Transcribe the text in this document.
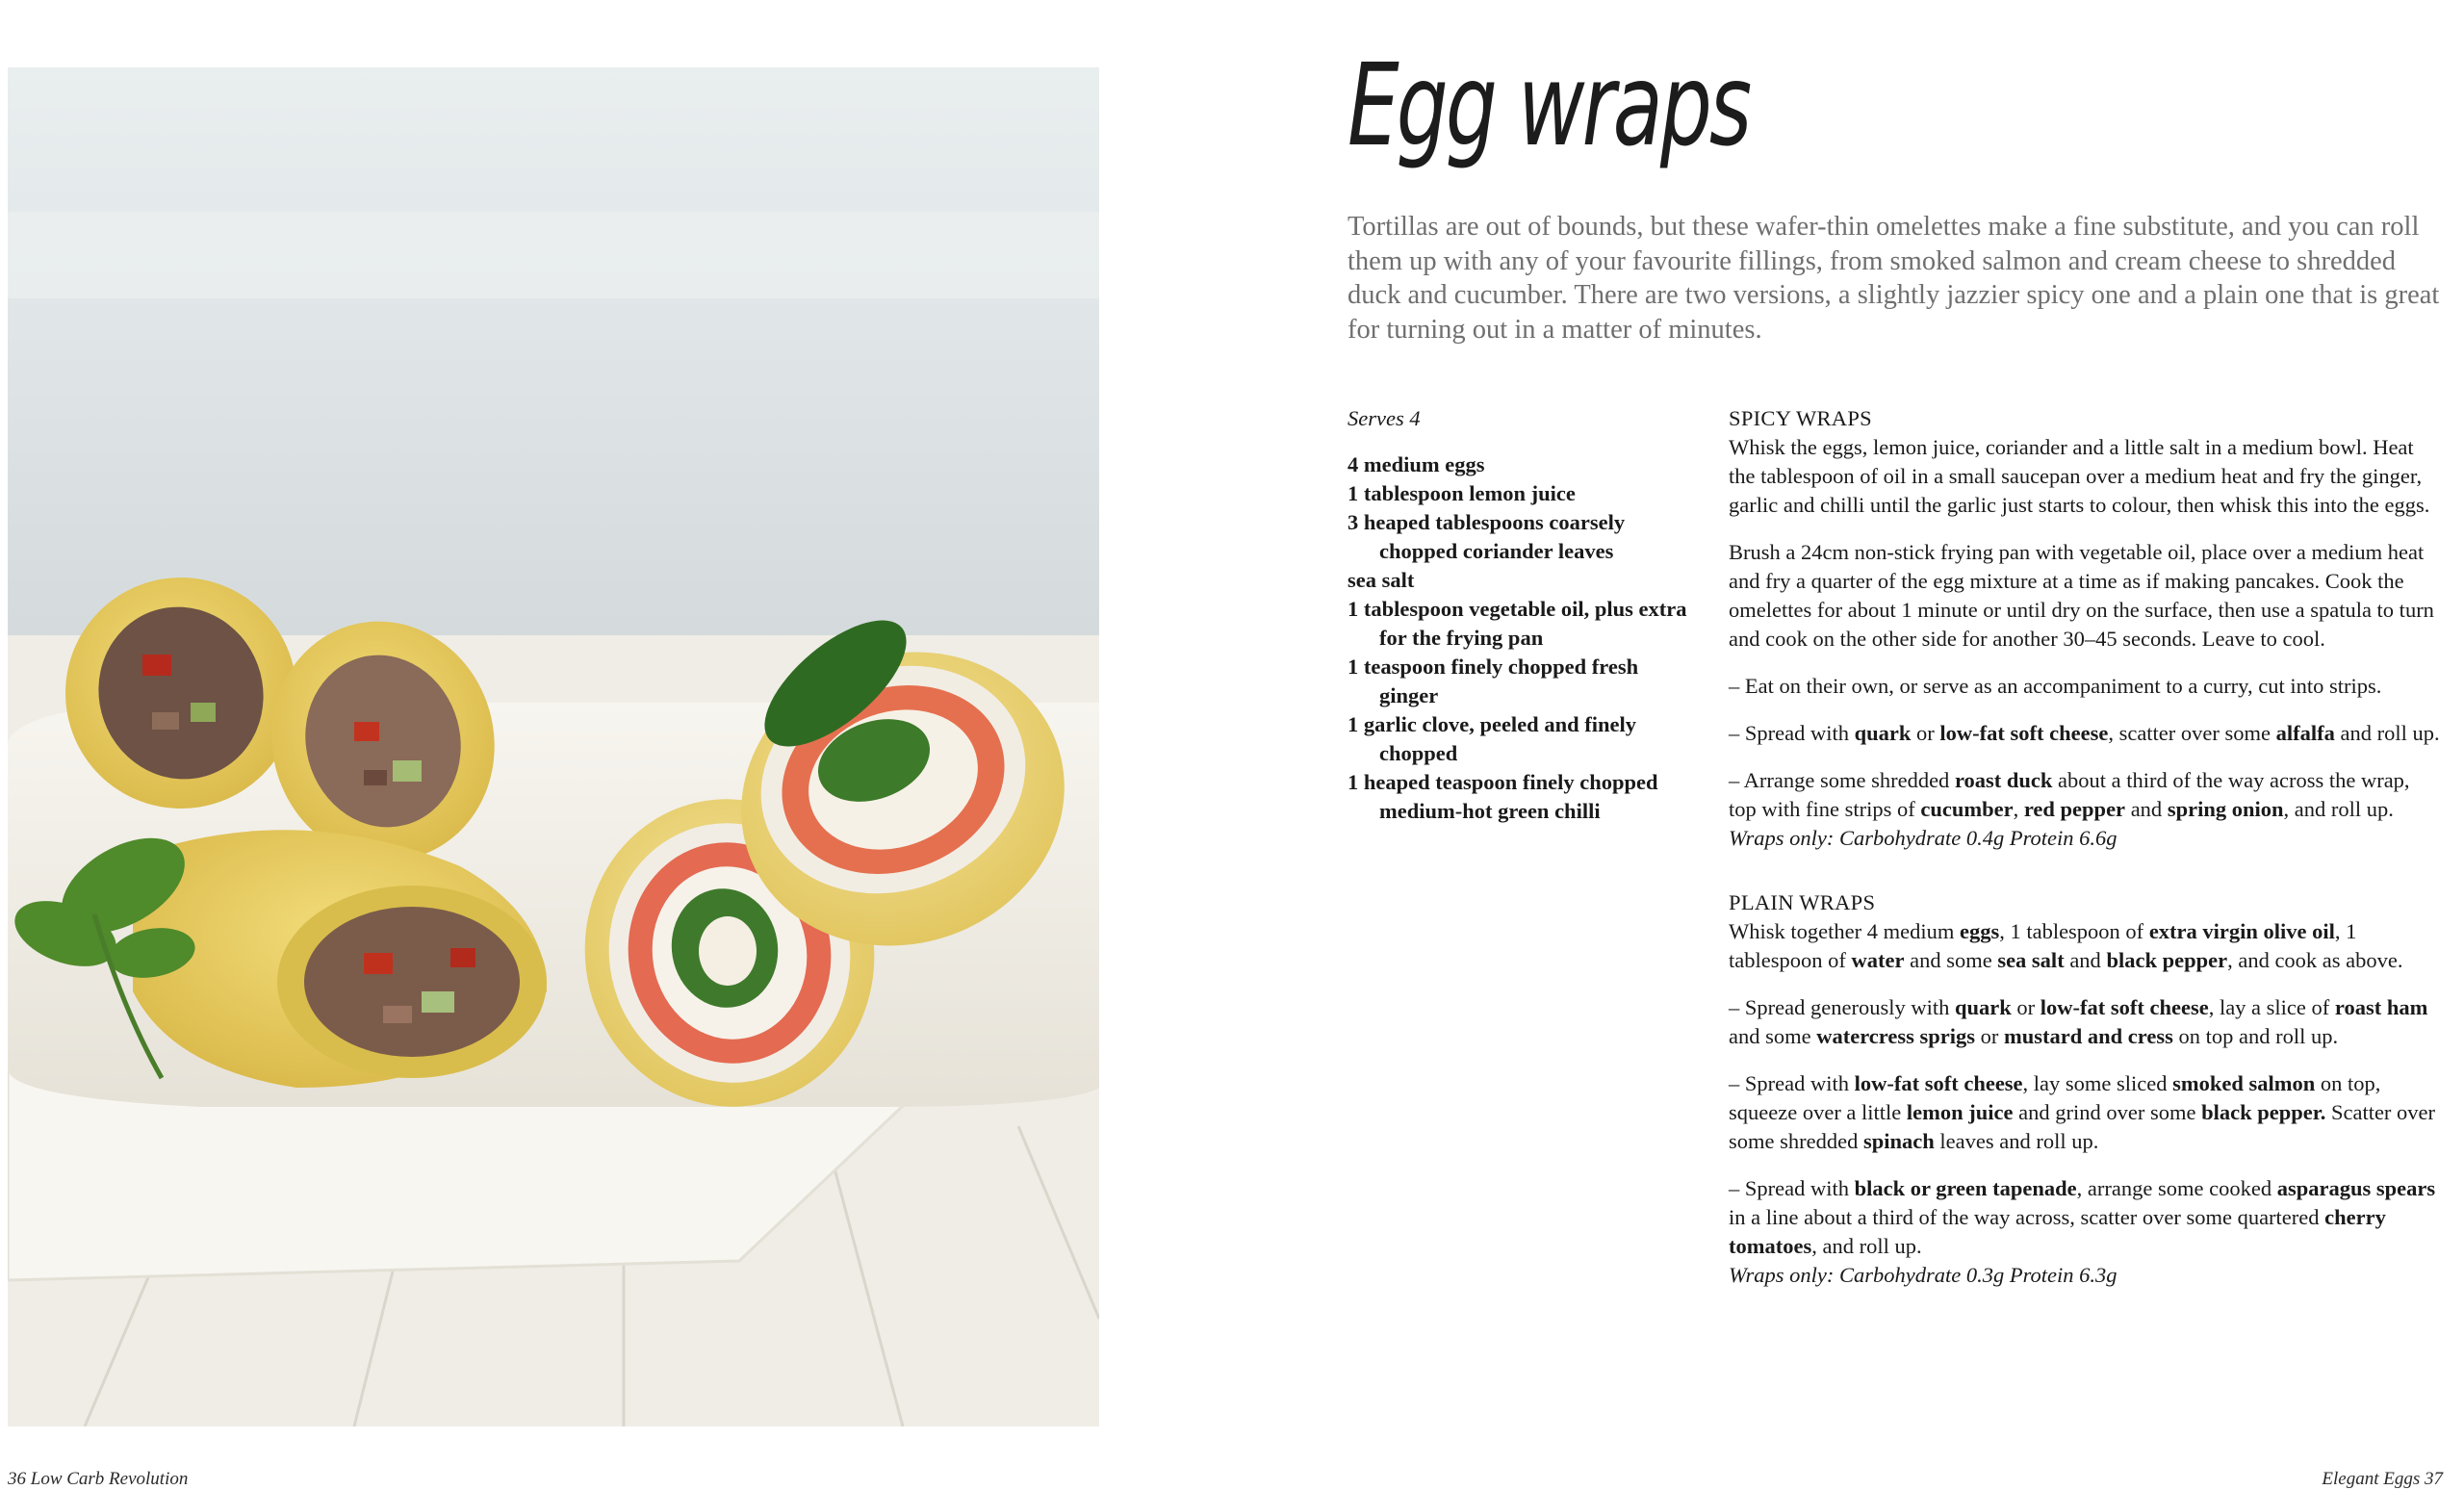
Egg wraps

Tortillas are out of bounds, but these wafer-thin omelettes make a fine substitute, and you can roll them up with any of your favourite fillings, from smoked salmon and cream cheese to shredded duck and cucumber. There are two versions, a slightly jazzier spicy one and a plain one that is great for turning out in a matter of minutes.

Serves 4

4 medium eggs
1 tablespoon lemon juice
3 heaped tablespoons coarsely chopped coriander leaves
sea salt
1 tablespoon vegetable oil, plus extra for the frying pan
1 teaspoon finely chopped fresh ginger
1 garlic clove, peeled and finely chopped
1 heaped teaspoon finely chopped medium-hot green chilli
SPICY WRAPS

Whisk the eggs, lemon juice, coriander and a little salt in a medium bowl. Heat the tablespoon of oil in a small saucepan over a medium heat and fry the ginger, garlic and chilli until the garlic just starts to colour, then whisk this into the eggs.

Brush a 24cm non-stick frying pan with vegetable oil, place over a medium heat and fry a quarter of the egg mixture at a time as if making pancakes. Cook the omelettes for about 1 minute or until dry on the surface, then use a spatula to turn and cook on the other side for another 30–45 seconds. Leave to cool.

– Eat on their own, or serve as an accompaniment to a curry, cut into strips.

– Spread with quark or low-fat soft cheese, scatter over some alfalfa and roll up.

– Arrange some shredded roast duck about a third of the way across the wrap, top with fine strips of cucumber, red pepper and spring onion, and roll up.

Wraps only: Carbohydrate 0.4g Protein 6.6g

PLAIN WRAPS

Whisk together 4 medium eggs, 1 tablespoon of extra virgin olive oil, 1 tablespoon of water and some sea salt and black pepper, and cook as above.

– Spread generously with quark or low-fat soft cheese, lay a slice of roast ham and some watercress sprigs or mustard and cress on top and roll up.

– Spread with low-fat soft cheese, lay some sliced smoked salmon on top, squeeze over a little lemon juice and grind over some black pepper. Scatter over some shredded spinach leaves and roll up.

– Spread with black or green tapenade, arrange some cooked asparagus spears in a line about a third of the way across, scatter over some quartered cherry tomatoes, and roll up.

Wraps only: Carbohydrate 0.3g Protein 6.3g

36 Low Carb Revolution	Elegant Eggs 37
